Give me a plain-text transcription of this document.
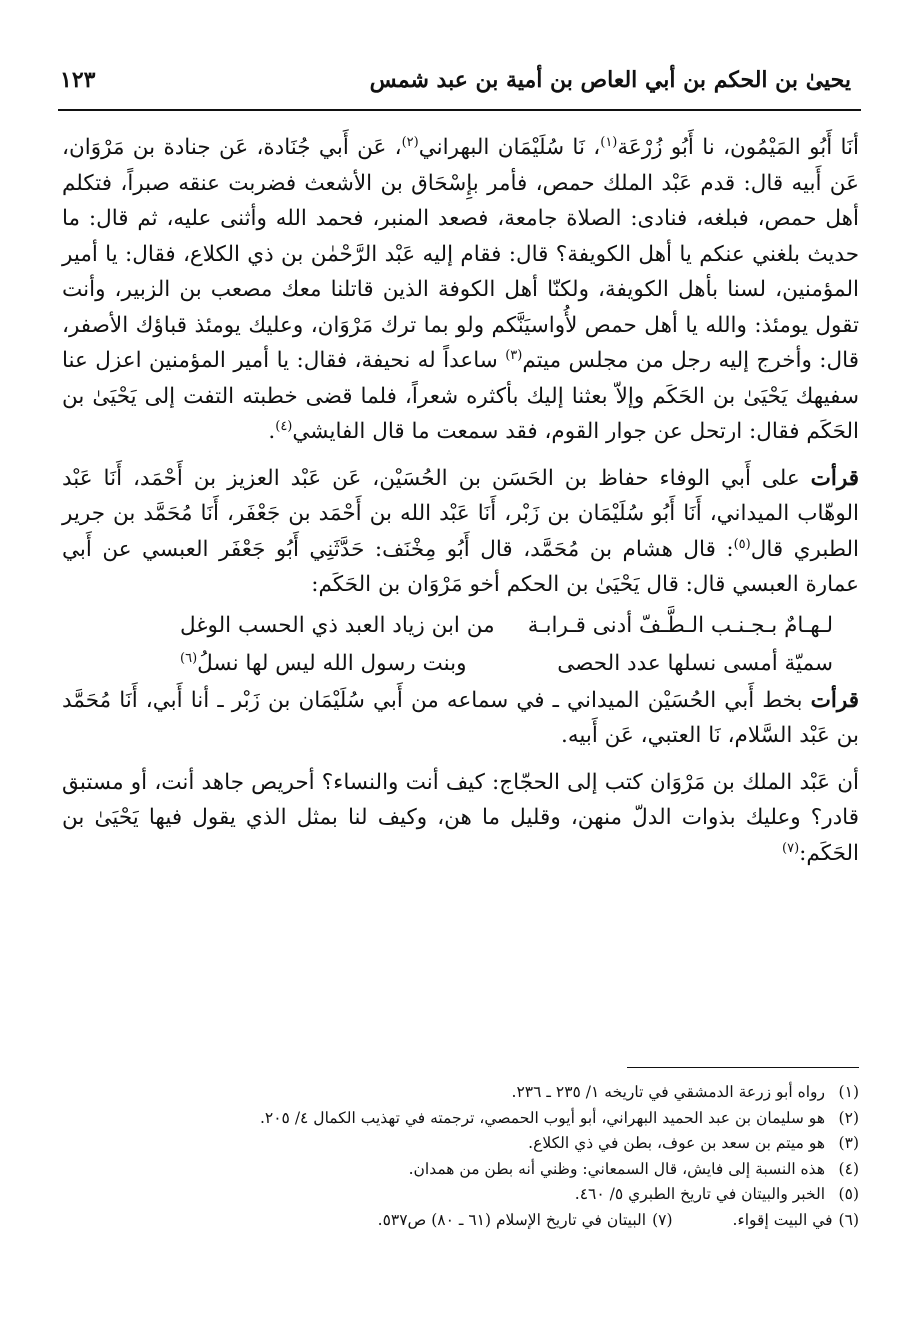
يحيىٰ بن الحكم بن أبي العاص بن أمية بن عبد شمس
١٢٣

أنَا أَبُو المَيْمُون، نا أَبُو زُرْعَة$^{(١)}$، نَا سُلَيْمَان البهراني$^{(٢)}$، عَن أَبي جُنَادة، عَن جنادة بن مَرْوَان، عَن أَبيه قال: قدم عَبْد الملك حمص، فأمر بإِسْحَاق بن الأشعث فضربت عنقه صبراً، فتكلم أهل حمص، فبلغه، فنادى: الصلاة جامعة، فصعد المنبر، فحمد الله وأثنى عليه، ثم قال: ما حديث بلغني عنكم يا أهل الكويفة؟ قال: فقام إليه عَبْد الرَّحْمٰن بن ذي الكلاع، فقال: يا أمير المؤمنين، لسنا بأهل الكويفة، ولكنّا أهل الكوفة الذين قاتلنا معك مصعب بن الزبير، وأنت تقول يومئذ: والله يا أهل حمص لأُواسيَنَّكم ولو بما ترك مَرْوَان، وعليك يومئذ قباؤك الأصفر، قال: وأخرج إليه رجل من مجلس ميتم$^{(٣)}$ ساعداً له نحيفة، فقال: يا أمير المؤمنين اعزل عنا سفيهك يَحْيَىٰ بن الحَكَم وإلاّ بعثنا إليك بأكثره شعراً، فلما قضى خطبته التفت إلى يَحْيَىٰ بن الحَكَم فقال: ارتحل عن جوار القوم، فقد سمعت ما قال الفايشي$^{(٤)}$.

قرأت على أَبي الوفاء حفاظ بن الحَسَن بن الحُسَيْن، عَن عَبْد العزيز بن أَحْمَد، أَنَا عَبْد الوهّاب الميداني، أَنَا أَبُو سُلَيْمَان بن زَبْر، أَنَا عَبْد الله بن أَحْمَد بن جَعْفَر، أَنَا مُحَمَّد بن جرير الطبري قال$^{(٥)}$: قال هشام بن مُحَمَّد، قال أَبُو مِخْنَف: حَدَّثَنِي أَبُو جَعْفَر العبسي عن أَبي عمارة العبسي قال: قال يَحْيَىٰ بن الحكم أخو مَرْوَان بن الحَكَم:

لـهـامٌ بـجـنـب الـطَّـفّ أدنى قـرابـة
من ابن زياد العبد ذي الحسب الوغل
سميّة أمسى نسلها عدد الحصى
وبنت رسول الله ليس لها نسلُ$^{(٦)}$

قرأت بخط أَبي الحُسَيْن الميداني ـ في سماعه من أَبي سُلَيْمَان بن زَبْر ـ أنا أَبي، أَنَا مُحَمَّد بن عَبْد السَّلام، نَا العتبي، عَن أَبيه.

أن عَبْد الملك بن مَرْوَان كتب إلى الحجّاج: كيف أنت والنساء؟ أحريص جاهد أنت، أو مستبق قادر؟ وعليك بذوات الدلّ منهن، وقليل ما هن، وكيف لنا بمثل الذي يقول فيها يَحْيَىٰ بن الحَكَم:$^{(٧)}$

(١)
رواه أبو زرعة الدمشقي في تاريخه ١/ ٢٣٥ ـ ٢٣٦.
(٢)
هو سليمان بن عبد الحميد البهراني، أبو أيوب الحمصي، ترجمته في تهذيب الكمال ٤/ ٢٠٥.
(٣)
هو ميتم بن سعد بن عوف، بطن في ذي الكلاع.
(٤)
هذه النسبة إلى فايش، قال السمعاني: وظني أنه بطن من همدان.
(٥)
الخبر والبيتان في تاريخ الطبري ٥/ ٤٦٠.
(٦)
في البيت إقواء.
(٧)
البيتان في تاريخ الإسلام (٦١ ـ ٨٠) ص٥٣٧.
